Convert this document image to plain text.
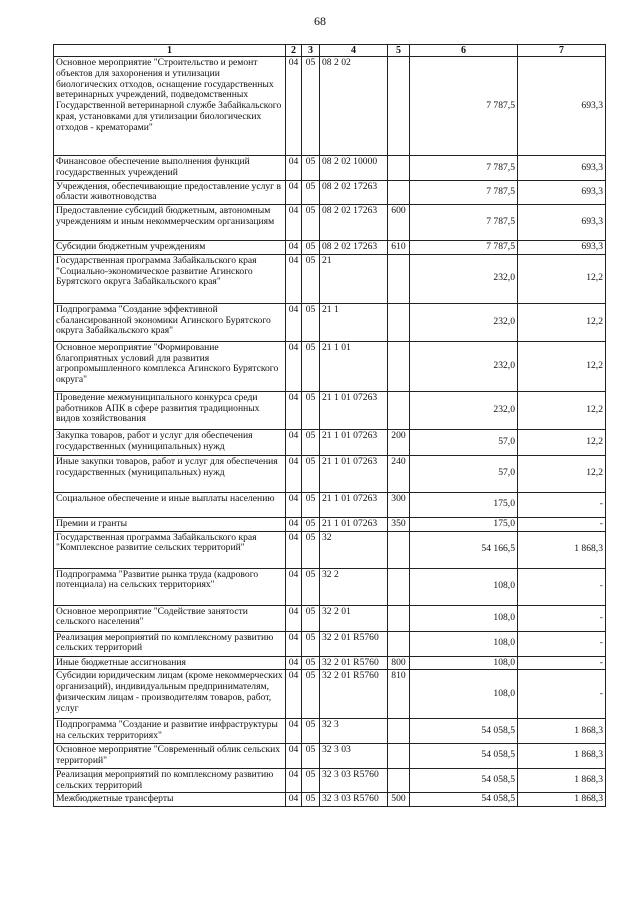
68
1	2	3	4	5	6	7
Основное мероприятие "Строительство и ремонт объектов для захоронения и утилизации биологических отходов, оснащение государственных ветеринарных учреждений, подведомственных Государственной ветеринарной службе Забайкальского края, установками для утилизации биологических отходов - крематорами"	04	05	08 2 02		7 787,5	693,3
Финансовое обеспечение выполнения функций государственных учреждений	04	05	08 2 02 10000		7 787,5	693,3
Учреждения, обеспечивающие предоставление услуг в области животноводства	04	05	08 2 02 17263		7 787,5	693,3
Предоставление субсидий бюджетным, автономным учреждениям и иным некоммерческим организациям	04	05	08 2 02 17263	600	7 787,5	693,3
Субсидии бюджетным учреждениям	04	05	08 2 02 17263	610	7 787,5	693,3
Государственная программа Забайкальского края "Социально-экономическое развитие Агинского Бурятского округа Забайкальского края"	04	05	21		232,0	12,2
Подпрограмма "Создание эффективной сбалансированной экономики Агинского Бурятского округа Забайкальского края"	04	05	21 1		232,0	12,2
Основное мероприятие "Формирование благоприятных условий для развития агропромышленного комплекса Агинского Бурятского округа"	04	05	21 1 01		232,0	12,2
Проведение межмуниципального конкурса среди работников АПК в сфере развития традиционных видов хозяйствования	04	05	21 1 01 07263		232,0	12,2
Закупка товаров, работ и услуг для обеспечения государственных (муниципальных) нужд	04	05	21 1 01 07263	200	57,0	12,2
Иные закупки товаров, работ и услуг для обеспечения государственных (муниципальных) нужд	04	05	21 1 01 07263	240	57,0	12,2
Социальное обеспечение и иные выплаты населению	04	05	21 1 01 07263	300	175,0	-
Премии и гранты	04	05	21 1 01 07263	350	175,0	-
Государственная программа Забайкальского края "Комплексное развитие сельских территорий"	04	05	32		54 166,5	1 868,3
Подпрограмма "Развитие рынка труда (кадрового потенциала) на сельских территориях"	04	05	32 2		108,0	-
Основное мероприятие "Содействие занятости сельского населения"	04	05	32 2 01		108,0	-
Реализация мероприятий по комплексному развитию сельских территорий	04	05	32 2 01 R5760		108,0	-
Иные бюджетные ассигнования	04	05	32 2 01 R5760	800	108,0	-
Субсидии юридическим лицам (кроме некоммерческих организаций), индивидуальным предпринимателям, физическим лицам - производителям товаров, работ, услуг	04	05	32 2 01 R5760	810	108,0	-
Подпрограмма "Создание и развитие инфраструктуры на сельских территориях"	04	05	32 3		54 058,5	1 868,3
Основное мероприятие "Современный облик сельских территорий"	04	05	32 3 03		54 058,5	1 868,3
Реализация мероприятий по комплексному развитию сельских территорий	04	05	32 3 03 R5760		54 058,5	1 868,3
Межбюджетные трансферты	04	05	32 3 03 R5760	500	54 058,5	1 868,3
